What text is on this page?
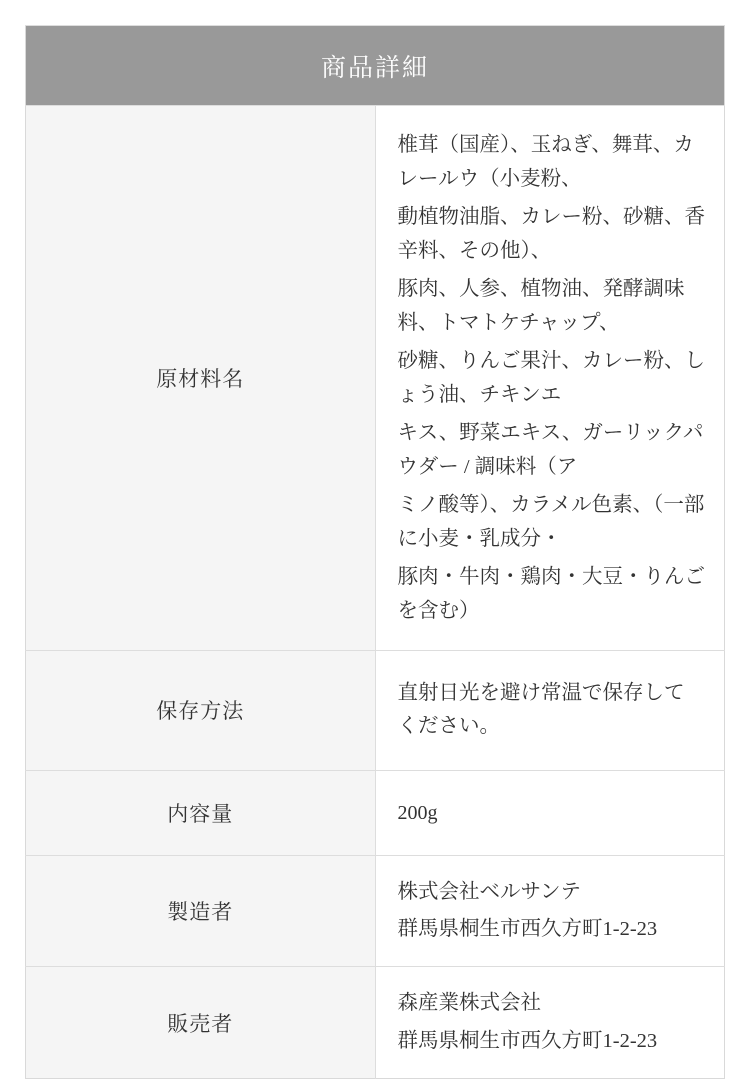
商品詳細	
原材料名	
椎茸（国産）、玉ねぎ、舞茸、カレールウ（小麦粉、
動植物油脂、カレー粉、砂糖、香辛料、その他）、
豚肉、人参、植物油、発酵調味料、トマトケチャップ、
砂糖、りんご果汁、カレー粉、しょう油、チキンエ
キス、野菜エキス、ガーリックパウダー / 調味料（ア
ミノ酸等）、カラメル色素、（一部に小麦・乳成分・
豚肉・牛肉・鶏肉・大豆・りんごを含む）

保存方法	直射日光を避け常温で保存してください。

内容量	200g

製造者	株式会社ベルサンテ
群馬県桐生市西久方町1-2-23

販売者	森産業株式会社
群馬県桐生市西久方町1-2-23
